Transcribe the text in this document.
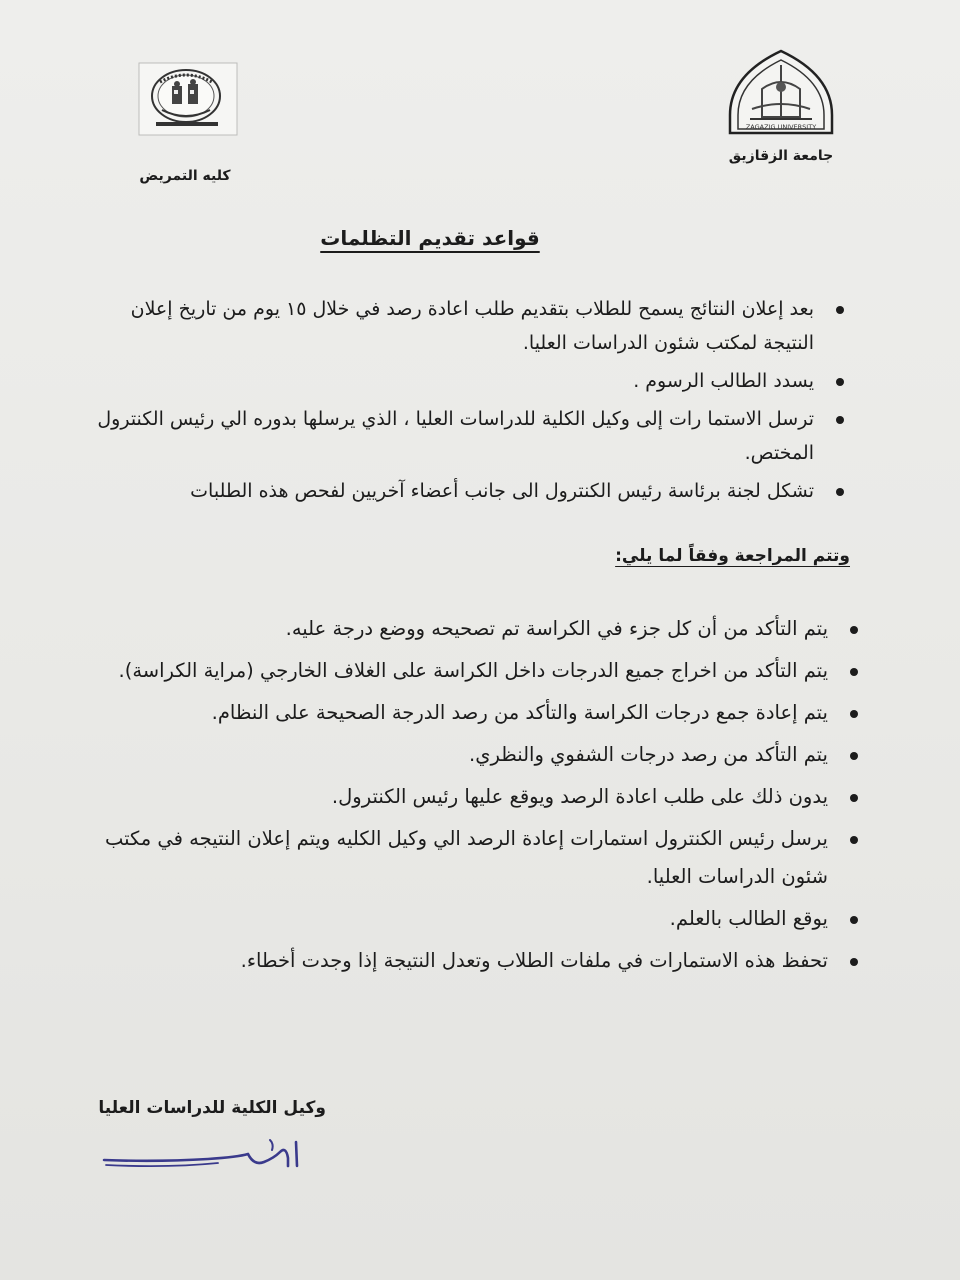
ZAGAZIG UNIVERSITY
كليه التمريض
جامعة الزقازيق
قواعد تقديم التظلمات
بعد إعلان النتائج يسمح للطلاب بتقديم طلب اعادة رصد في خلال ١٥ يوم من تاريخ إعلان النتيجة لمكتب شئون الدراسات العليا.
يسدد الطالب الرسوم .
ترسل الاستما رات إلى وكيل الكلية للدراسات العليا ، الذي يرسلها بدوره الي رئيس الكنترول المختص.
تشكل لجنة برئاسة رئيس الكنترول الى جانب أعضاء آخريين لفحص هذه الطلبات
وتتم المراجعة وفقاً لما يلي:
يتم التأكد من أن كل جزء في الكراسة تم تصحيحه ووضع درجة عليه.
يتم التأكد من اخراج جميع الدرجات داخل الكراسة على الغلاف الخارجي (مراية الكراسة).
يتم إعادة جمع درجات الكراسة والتأكد من رصد الدرجة الصحيحة على النظام.
يتم التأكد من رصد درجات الشفوي والنظري.
يدون ذلك على طلب اعادة الرصد ويوقع عليها رئيس الكنترول.
يرسل رئيس الكنترول استمارات إعادة الرصد الي وكيل الكليه ويتم إعلان النتيجه في مكتب شئون الدراسات العليا.
يوقع الطالب بالعلم.
تحفظ هذه الاستمارات في ملفات الطلاب وتعدل النتيجة إذا وجدت أخطاء.
وكيل الكلية للدراسات العليا
